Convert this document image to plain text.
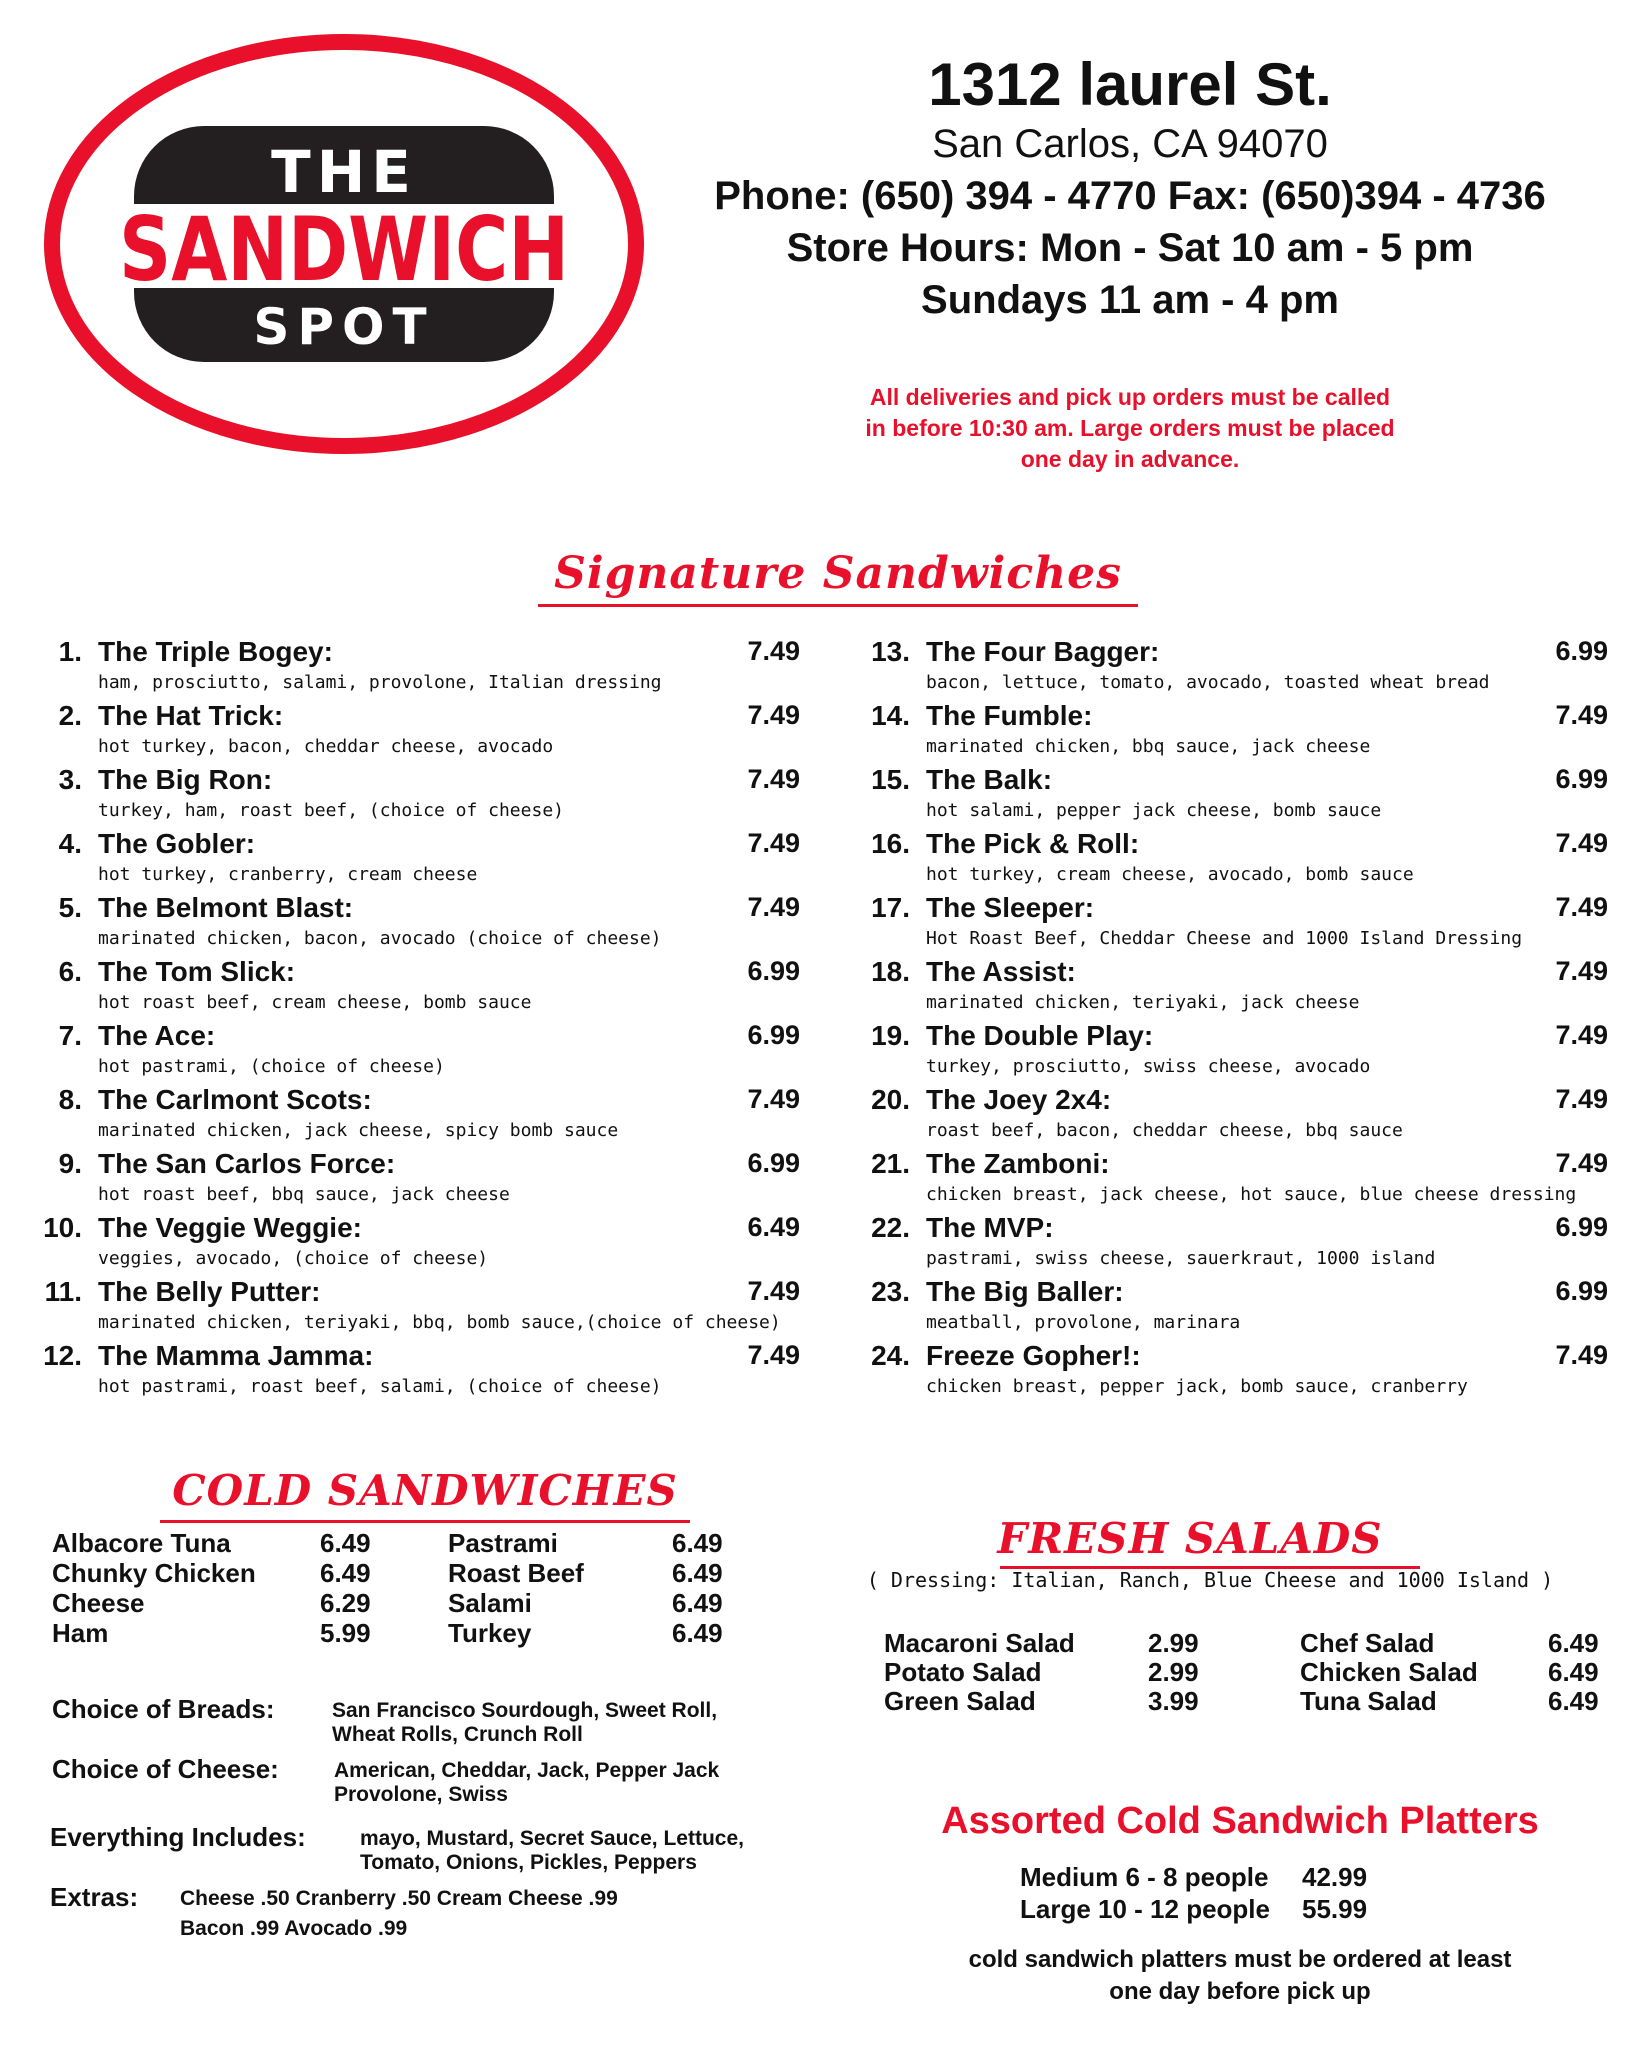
THE
SANDWICH
SPOT
1312 laurel St.
San Carlos, CA 94070
Phone: (650) 394 - 4770 Fax: (650)394 - 4736
Store Hours: Mon - Sat 10 am - 5 pm
Sundays 11 am - 4 pm
All deliveries and pick up orders must be called
in before 10:30 am. Large orders must be placed
one day in advance.
Signature Sandwiches
1. The Triple Bogey:	7.49
ham, prosciutto, salami, provolone, Italian dressing
2. The Hat Trick:	7.49
hot turkey, bacon, cheddar cheese, avocado
3. The Big Ron:	7.49
turkey, ham, roast beef, (choice of cheese)
4. The Gobler:	7.49
hot turkey, cranberry, cream cheese
5. The Belmont Blast:	7.49
marinated chicken, bacon, avocado (choice of cheese)
6. The Tom Slick:	6.99
hot roast beef, cream cheese, bomb sauce
7. The Ace:	6.99
hot pastrami, (choice of cheese)
8. The Carlmont Scots:	7.49
marinated chicken, jack cheese, spicy bomb sauce
9. The San Carlos Force:	6.99
hot roast beef, bbq sauce, jack cheese
10. The Veggie Weggie:	6.49
veggies, avocado, (choice of cheese)
11. The Belly Putter:	7.49
marinated chicken, teriyaki, bbq, bomb sauce,(choice of cheese)
12. The Mamma Jamma:	7.49
hot pastrami, roast beef, salami, (choice of cheese)
13. The Four Bagger:	6.99
bacon, lettuce, tomato, avocado, toasted wheat bread
14. The Fumble:	7.49
marinated chicken, bbq sauce, jack cheese
15. The Balk:	6.99
hot salami, pepper jack cheese, bomb sauce
16. The Pick & Roll:	7.49
hot turkey, cream cheese, avocado, bomb sauce
17. The Sleeper:	7.49
Hot Roast Beef, Cheddar Cheese and 1000 Island Dressing
18. The Assist:	7.49
marinated chicken, teriyaki, jack cheese
19. The Double Play:	7.49
turkey, prosciutto, swiss cheese, avocado
20. The Joey 2x4:	7.49
roast beef, bacon, cheddar cheese, bbq sauce
21. The Zamboni:	7.49
chicken breast, jack cheese, hot sauce, blue cheese dressing
22. The MVP:	6.99
pastrami, swiss cheese, sauerkraut, 1000 island
23. The Big Baller:	6.99
meatball, provolone, marinara
24. Freeze Gopher!:	7.49
chicken breast, pepper jack, bomb sauce, cranberry
COLD SANDWICHES
Albacore Tuna	6.49
Chunky Chicken 6.49
Cheese	6.29
Ham	5.99
Pastrami	6.49
Roast Beef	6.49
Salami	6.49
Turkey	6.49
Choice of Breads:	San Francisco Sourdough, Sweet Roll,
Wheat Rolls, Crunch Roll
Choice of Cheese:	American, Cheddar, Jack, Pepper Jack
Provolone, Swiss
Everything Includes:	mayo, Mustard, Secret Sauce, Lettuce,
Tomato, Onions, Pickles, Peppers
Extras: Cheese .50 Cranberry .50 Cream Cheese .99
Bacon .99 Avocado .99
FRESH SALADS
( Dressing: Italian, Ranch, Blue Cheese and 1000 Island )
Macaroni Salad	2.99
Potato Salad	2.99
Green Salad	3.99
Chef Salad	6.49
Chicken Salad	6.49
Tuna Salad	6.49
Assorted Cold Sandwich Platters
Medium 6 - 8 people 42.99
Large 10 - 12 people 55.99
cold sandwich platters must be ordered at least
one day before pick up
